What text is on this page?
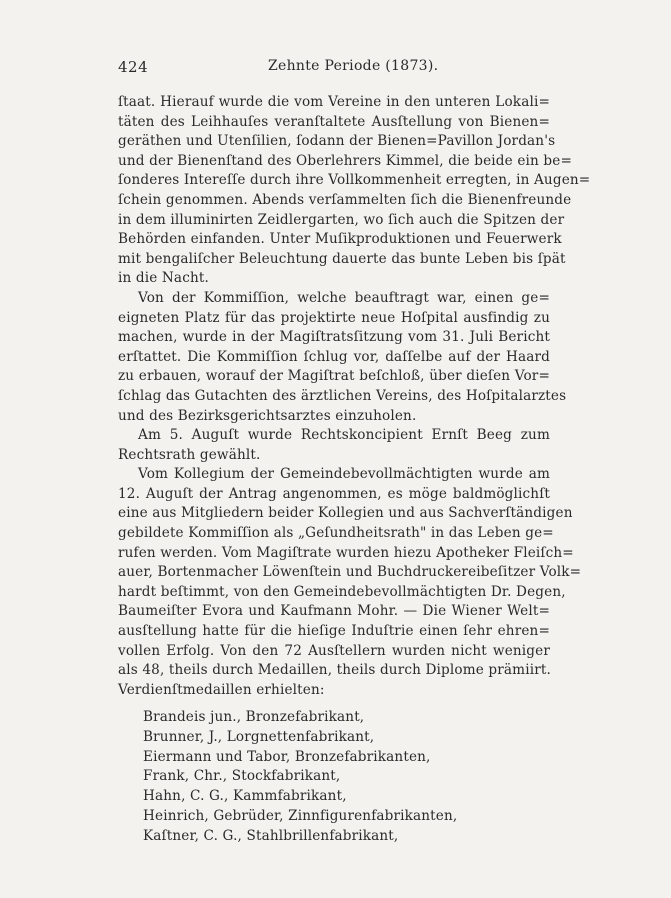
424	Zehnte Periode (1873).
ſtaat. Hierauf wurde die vom Vereine in den unteren Lokali=
täten des Leihhauſes veranſtaltete Ausſtellung von Bienen=
geräthen und Utenſilien, ſodann der Bienen=Pavillon Jordan's
und der Bienenſtand des Oberlehrers Kimmel, die beide ein be=
ſonderes Intereſſe durch ihre Vollkommenheit erregten, in Augen=
ſchein genommen. Abends verſammelten ſich die Bienenfreunde
in dem illuminirten Zeidlergarten, wo ſich auch die Spitzen der
Behörden einfanden. Unter Muſikproduktionen und Feuerwerk
mit bengaliſcher Beleuchtung dauerte das bunte Leben bis ſpät
in die Nacht.
Von der Kommiſſion, welche beauftragt war, einen ge=
eigneten Platz für das projektirte neue Hoſpital ausfindig zu
machen, wurde in der Magiſtratsſitzung vom 31. Juli Bericht
erſtattet. Die Kommiſſion ſchlug vor, daſſelbe auf der Haard
zu erbauen, worauf der Magiſtrat beſchloß, über dieſen Vor=
ſchlag das Gutachten des ärztlichen Vereins, des Hoſpitalarztes
und des Bezirksgerichtsarztes einzuholen.
Am 5. Auguſt wurde Rechtskoncipient Ernſt Beeg zum
Rechtsrath gewählt.
Vom Kollegium der Gemeindebevollmächtigten wurde am
12. Auguſt der Antrag angenommen, es möge baldmöglichſt
eine aus Mitgliedern beider Kollegien und aus Sachverſtändigen
gebildete Kommiſſion als „Geſundheitsrath" in das Leben ge=
rufen werden. Vom Magiſtrate wurden hiezu Apotheker Fleiſch=
auer, Bortenmacher Löwenſtein und Buchdruckereibeſitzer Volk=
hardt beſtimmt, von den Gemeindebevollmächtigten Dr. Degen,
Baumeiſter Evora und Kaufmann Mohr. — Die Wiener Welt=
ausſtellung hatte für die hieſige Induſtrie einen ſehr ehren=
vollen Erfolg. Von den 72 Ausſtellern wurden nicht weniger
als 48, theils durch Medaillen, theils durch Diplome prämiirt.
Verdienſtmedaillen erhielten:
Brandeis jun., Bronzefabrikant,
Brunner, J., Lorgnettenfabrikant,
Eiermann und Tabor, Bronzefabrikanten,
Frank, Chr., Stockfabrikant,
Hahn, C. G., Kammfabrikant,
Heinrich, Gebrüder, Zinnfigurenfabrikanten,
Kaſtner, C. G., Stahlbrillenfabrikant,
